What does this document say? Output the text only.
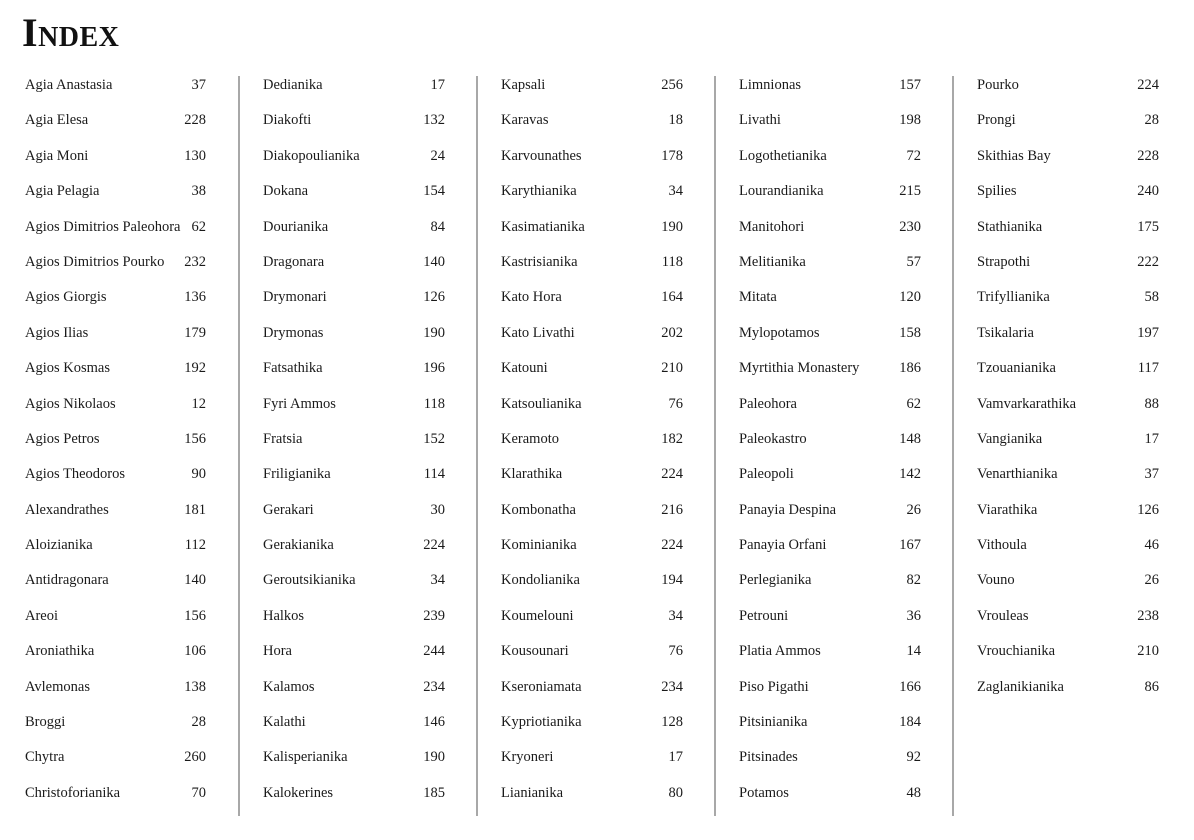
Index
Agia Anastasia	37
Agia Elesa	228
Agia Moni	130
Agia Pelagia	38
Agios Dimitrios Paleohora 62
Agios Dimitrios Pourko	232
Agios Giorgis	136
Agios Ilias	179
Agios Kosmas	192
Agios Nikolaos	12
Agios Petros	156
Agios Theodoros	90
Alexandrathes	181
Aloizianika	112
Antidragonara	140
Areoi	156
Aroniathika	106
Avlemonas	138
Broggi	28
Chytra	260
Christoforianika	70
Dedianika	17
Diakofti	132
Diakopoulianika	24
Dokana	154
Dourianika	84
Dragonara	140
Drymonari	126
Drymonas	190
Fatsathika	196
Fyri Ammos	118
Fratsia	152
Friligianika	114
Gerakari	30
Gerakianika	224
Geroutsikianika	34
Halkos	239
Hora	244
Kalamos	234
Kalathi	146
Kalisperianika	190
Kalokerines	185
Kapsali	256
Karavas	18
Karvounathes	178
Karythianika	34
Kasimatianika	190
Kastrisianika	118
Kato Hora	164
Kato Livathi	202
Katouni	210
Katsoulianika	76
Keramoto	182
Klarathika	224
Kombonatha	216
Kominianika	224
Kondolianika	194
Koumelouni	34
Kousounari	76
Kseroniamata	234
Kypriotianika	128
Kryoneri	17
Lianianika	80
Limnionas	157
Livathi	198
Logothetianika	72
Lourandianika	215
Manitohori	230
Melitianika	57
Mitata	120
Mylopotamos	158
Myrtithia Monastery	186
Paleohora	62
Paleokastro	148
Paleopoli	142
Panayia Despina	26
Panayia Orfani	167
Perlegianika	82
Petrouni	36
Platia Ammos	14
Piso Pigathi	166
Pitsinianika	184
Pitsinades	92
Potamos	48
Pourko	224
Prongi	28
Skithias Bay	228
Spilies	240
Stathianika	175
Strapothi	222
Trifyllianika	58
Tsikalaria	197
Tzouanianika	117
Vamvarkarathika	88
Vangianika	17
Venarthianika	37
Viarathika	126
Vithoula	46
Vouno	26
Vrouleas	238
Vrouchianika	210
Zaglanikianika	86
